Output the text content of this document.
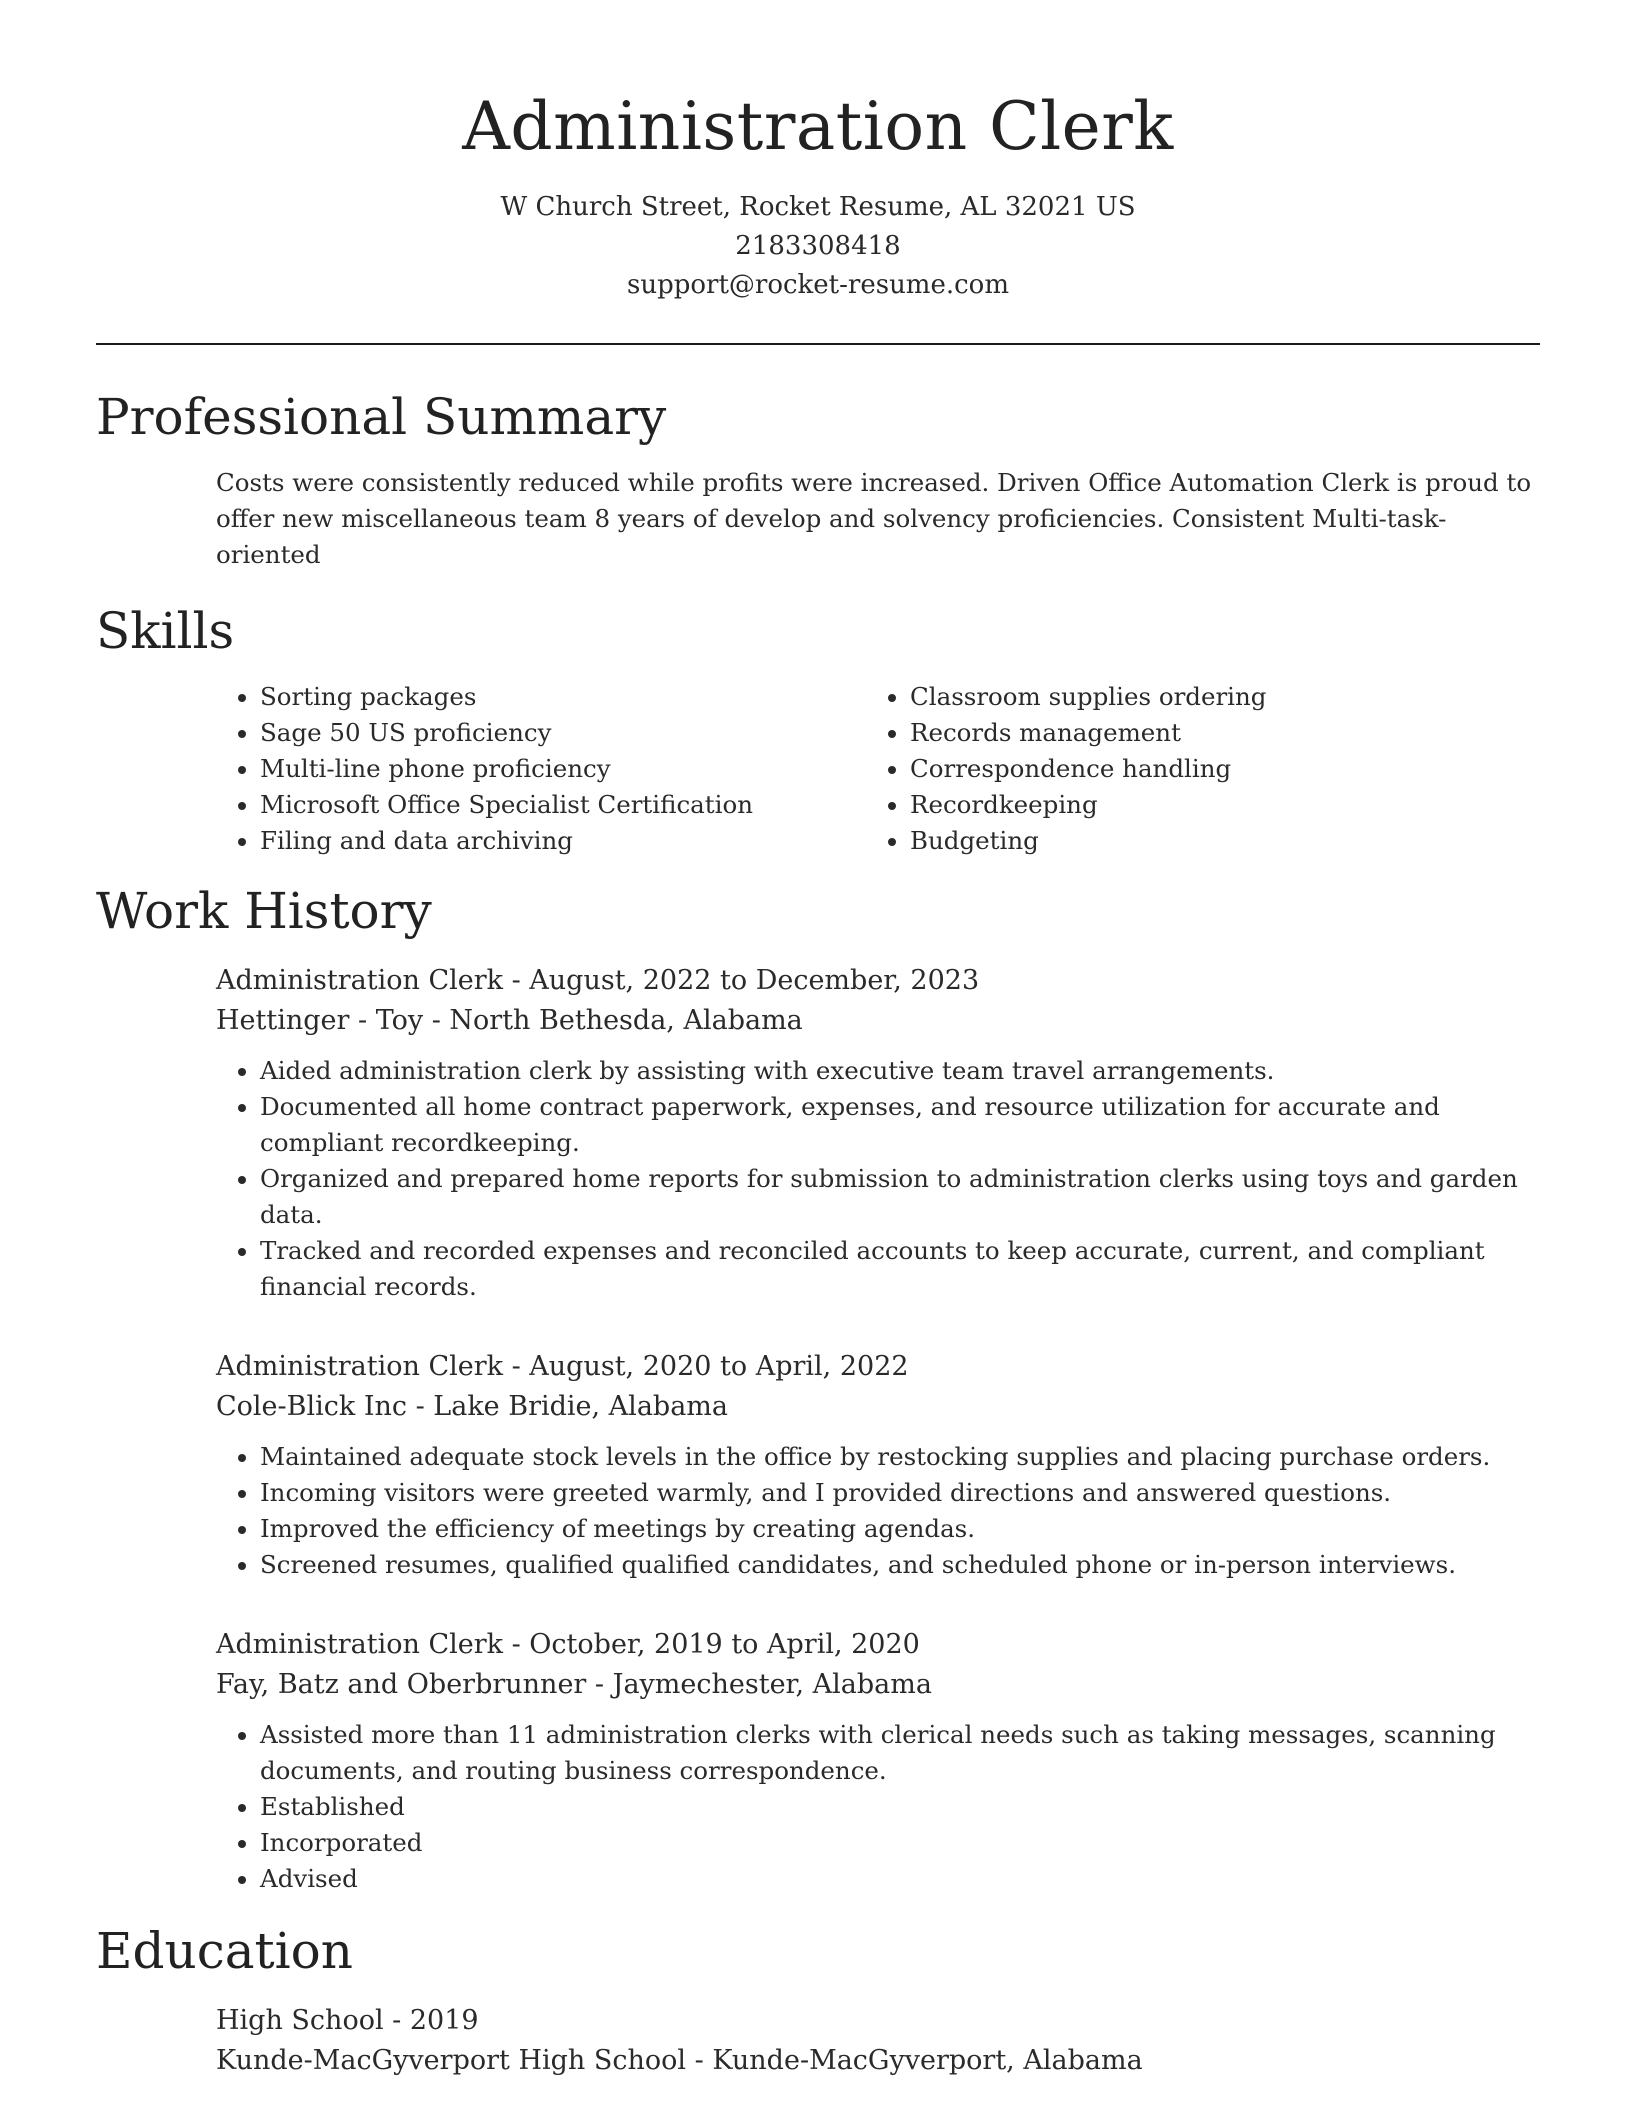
Administration Clerk
W Church Street, Rocket Resume, AL 32021 US
2183308418
support@rocket-resume.com
Professional Summary

Costs were consistently reduced while profits were increased. Driven Office Automation Clerk is proud to offer new miscellaneous team 8 years of develop and solvency proficiencies. Consistent Multi-task-oriented

Skills
• Sorting packages
• Sage 50 US proficiency
• Multi-line phone proficiency
• Microsoft Office Specialist Certification
• Filing and data archiving
• Classroom supplies ordering
• Records management
• Correspondence handling
• Recordkeeping
• Budgeting
Work History
Administration Clerk - August, 2022 to December, 2023
Hettinger - Toy - North Bethesda, Alabama
• Aided administration clerk by assisting with executive team travel arrangements.
• Documented all home contract paperwork, expenses, and resource utilization for accurate and compliant recordkeeping.
• Organized and prepared home reports for submission to administration clerks using toys and garden data.
• Tracked and recorded expenses and reconciled accounts to keep accurate, current, and compliant financial records.
Administration Clerk - August, 2020 to April, 2022
Cole-Blick Inc - Lake Bridie, Alabama
• Maintained adequate stock levels in the office by restocking supplies and placing purchase orders.
• Incoming visitors were greeted warmly, and I provided directions and answered questions.
• Improved the efficiency of meetings by creating agendas.
• Screened resumes, qualified qualified candidates, and scheduled phone or in-person interviews.
Administration Clerk - October, 2019 to April, 2020
Fay, Batz and Oberbrunner - Jaymechester, Alabama
• Assisted more than 11 administration clerks with clerical needs such as taking messages, scanning documents, and routing business correspondence.
• Established
• Incorporated
• Advised
Education
High School - 2019
Kunde-MacGyverport High School - Kunde-MacGyverport, Alabama
